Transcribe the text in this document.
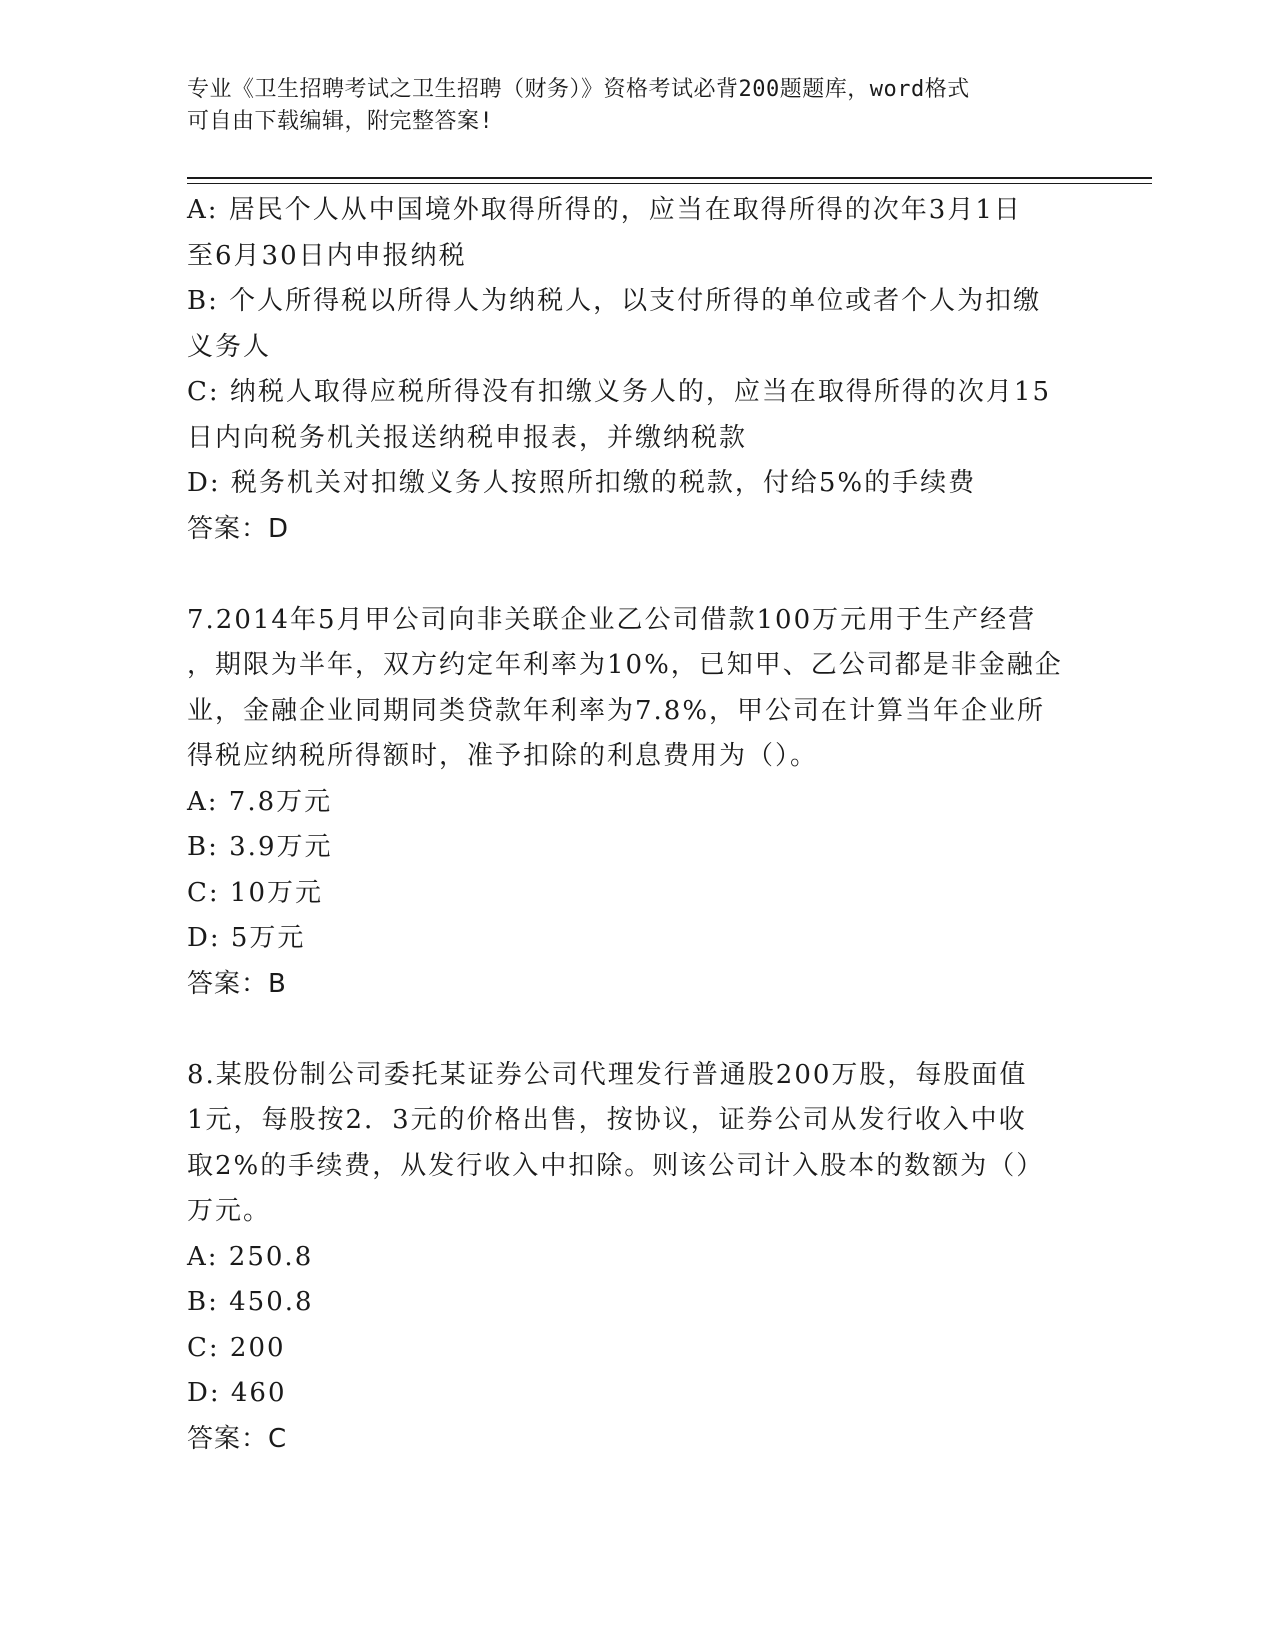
专业《卫生招聘考试之卫生招聘（财务）》资格考试必背200题题库，word格式
可自由下载编辑，附完整答案!
A: 居民个人从中国境外取得所得的，应当在取得所得的次年3月1日
至6月30日内申报纳税
B: 个人所得税以所得人为纳税人，以支付所得的单位或者个人为扣缴
义务人
C: 纳税人取得应税所得没有扣缴义务人的，应当在取得所得的次月15
日内向税务机关报送纳税申报表，并缴纳税款
D: 税务机关对扣缴义务人按照所扣缴的税款，付给5%的手续费
答案：D
7.2014年5月甲公司向非关联企业乙公司借款100万元用于生产经营
，期限为半年，双方约定年利率为10%，已知甲、乙公司都是非金融企
业，金融企业同期同类贷款年利率为7.8%，甲公司在计算当年企业所
得税应纳税所得额时，准予扣除的利息费用为（）。
A: 7.8万元
B: 3.9万元
C: 10万元
D: 5万元
答案：B
8.某股份制公司委托某证券公司代理发行普通股200万股，每股面值
1元，每股按2．3元的价格出售，按协议，证券公司从发行收入中收
取2%的手续费，从发行收入中扣除。则该公司计入股本的数额为（）
万元。
A: 250.8
B: 450.8
C: 200
D: 460
答案：C
